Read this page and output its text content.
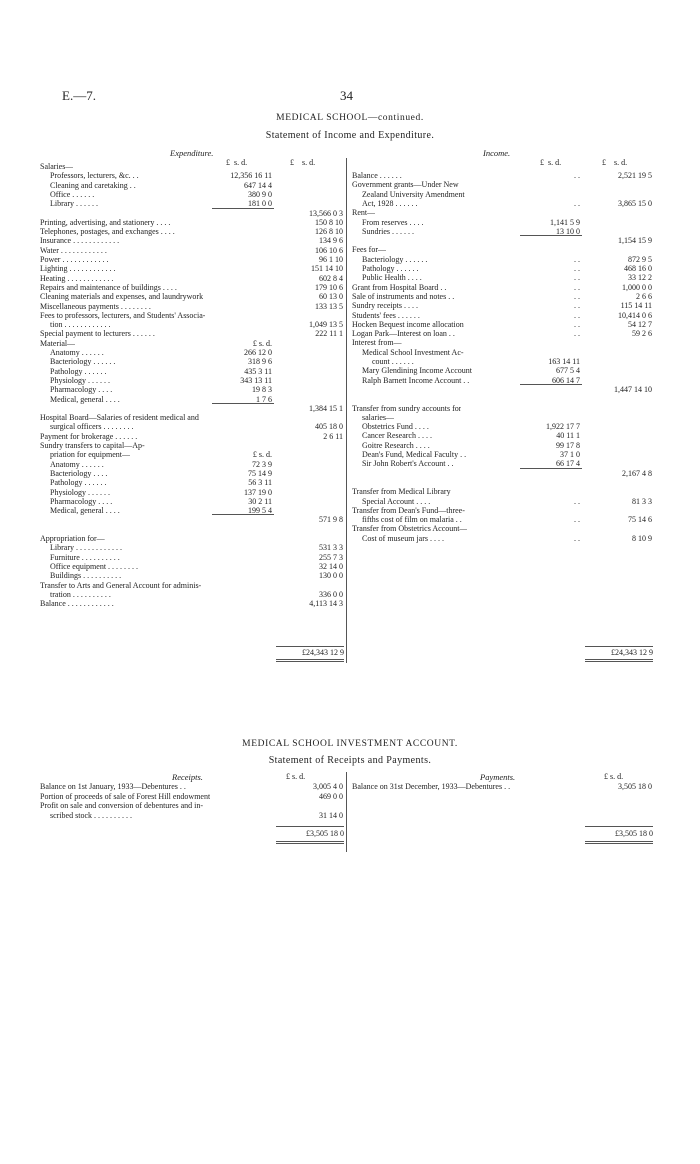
E.—7.	34
MEDICAL SCHOOL—continued.
Statement of Income and Expenditure.
Expenditure.	Income.
£ s. d.	£ s. d.	£ s. d.	£ s. d.
Salaries—
Professors, lecturers, &c. . .	12,356 16 11
Cleaning and caretaking . .	647 14 4
Office . . . . . .	380 9 0
Library . . . . . .	181 0 0
13,566 0 3
Printing, advertising, and stationery . . . .	150 8 10
Telephones, postages, and exchanges . . . .	126 8 10
Insurance . . . . . . . . . . . .	134 9 6
Water . . . . . . . . . . . .	106 10 6
Power . . . . . . . . . . . .	96 1 10
Lighting . . . . . . . . . . . .	151 14 10
Heating . . . . . . . . . . . .	602 8 4
Repairs and maintenance of buildings . . . .	179 10 6
Cleaning materials and expenses, and laundrywork	60 13 0
Miscellaneous payments . . . . . . . .	133 13 5
Fees to professors, lecturers, and Students' Associa-
tion . . . . . . . . . . . .	1,049 13 5
Special payment to lecturers . . . . . .	222 11 1
Material—	£ s. d.
Anatomy . . . . . .	266 12 0
Bacteriology . . . . . .	318 9 6
Pathology . . . . . .	435 3 11
Physiology . . . . . .	343 13 11
Pharmacology . . . .	19 8 3
Medical, general . . . .	1 7 6
1,384 15 1
Hospital Board—Salaries of resident medical and
surgical officers . . . . . . . .	405 18 0
Payment for brokerage . . . . . .	2 6 11
Sundry transfers to capital—Ap-
priation for equipment—	£ s. d.
Anatomy . . . . . .	72 3 9
Bacteriology . . . .	75 14 9
Pathology . . . . . .	56 3 11
Physiology . . . . . .	137 19 0
Pharmacology . . . .	30 2 11
Medical, general . . . .	199 5 4
571 9 8
Appropriation for—
Library . . . . . . . . . . . .	531 3 3
Furniture . . . . . . . . . .	255 7 3
Office equipment . . . . . . . .	32 14 0
Buildings . . . . . . . . . .	130 0 0
Transfer to Arts and General Account for adminis-
tration . . . . . . . . . .	336 0 0
Balance . . . . . . . . . . . .	4,113 14 3
Balance . . . . . .	. .	2,521 19 5
Government grants—Under New
Zealand University Amendment
Act, 1928 . . . . . .	. .	3,865 15 0
Rent—
From reserves . . . .	1,141 5 9
Sundries . . . . . .	13 10 0
1,154 15 9
Fees for—
Bacteriology . . . . . .	. .	872 9 5
Pathology . . . . . .	. .	468 16 0
Public Health . . . .	. .	33 12 2
Grant from Hospital Board . .	. .	1,000 0 0
Sale of instruments and notes . .	. .	2 6 6
Sundry receipts . . . .	. .	115 14 11
Students' fees . . . . . .	. .	10,414 0 6
Hocken Bequest income allocation	. .	54 12 7
Logan Park—Interest on loan . .	. .	59 2 6
Interest from—
Medical School Investment Ac-
count . . . . . .	163 14 11
Mary Glendining Income Account	677 5 4
Ralph Barnett Income Account . .	606 14 7
1,447 14 10
Transfer from sundry accounts for
salaries—
Obstetrics Fund . . . .	1,922 17 7
Cancer Research . . . .	40 11 1
Goitre Research . . . .	99 17 8
Dean's Fund, Medical Faculty . .	37 1 0
Sir John Robert's Account . .	66 17 4
2,167 4 8
Transfer from Medical Library
Special Account . . . .	. .	81 3 3
Transfer from Dean's Fund—three-
fifths cost of film on malaria . .	. .	75 14 6
Transfer from Obstetrics Account—
Cost of museum jars . . . .	. .	8 10 9
£24,343 12 9	£24,343 12 9
MEDICAL SCHOOL INVESTMENT ACCOUNT.
Statement of Receipts and Payments.
Receipts.	Payments.
£ s. d.	£ s. d.
Balance on 1st January, 1933—Debentures . .	3,005 4 0
Portion of proceeds of sale of Forest Hill endowment	469 0 0
Profit on sale and conversion of debentures and in-
scribed stock . . . . . . . . . .	31 14 0
Balance on 31st December, 1933—Debentures . .	3,505 18 0
£3,505 18 0	£3,505 18 0
